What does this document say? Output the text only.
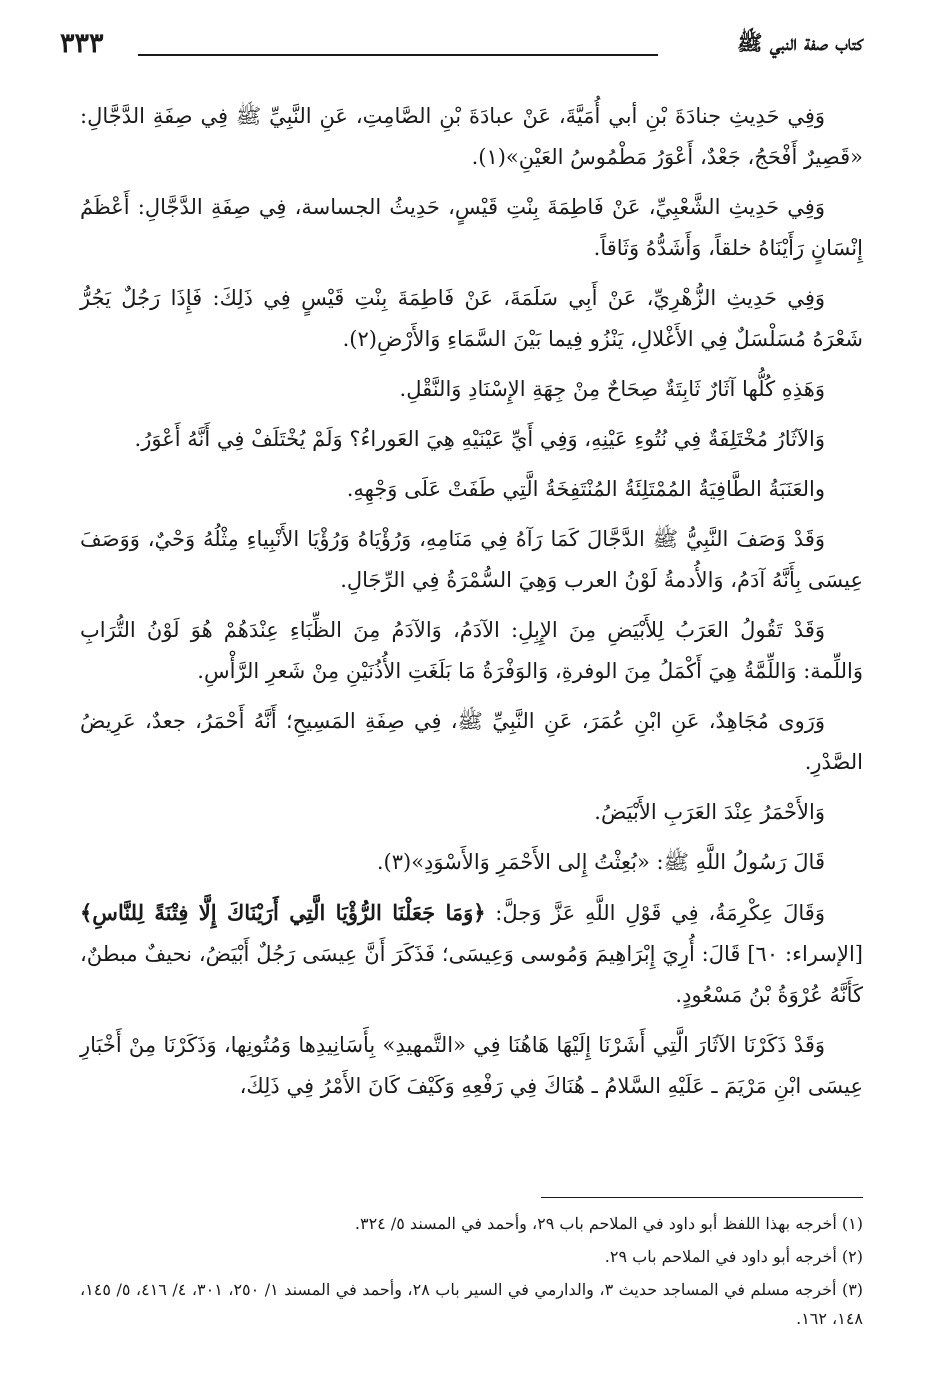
كتاب صفة النبي ﷺ
٣٣٣

وَفِي حَدِيثِ جنادَةَ بْنِ أبي أُمَيَّةَ، عَنْ عبادَةَ بْنِ الصَّامِتِ، عَنِ النَّبِيِّ ﷺ فِي صِفَةِ الدَّجَّالِ: «قَصِيرٌ أَفْحَجُ، جَعْدٌ، أَعْوَرُ مَطْمُوسُ العَيْنِ»(١).

وَفِي حَدِيثِ الشَّعْبِيِّ، عَنْ فَاطِمَةَ بِنْتِ قَيْسٍ، حَدِيثُ الجساسة، فِي صِفَةِ الدَّجَّالِ: أَعْظَمُ إِنْسَانٍ رَأَيْنَاهُ خلقاً، وَأَشَدُّهُ وَثَاقاً.

وَفِي حَدِيثِ الزُّهْرِيِّ، عَنْ أَبِي سَلَمَةَ، عَنْ فَاطِمَةَ بِنْتِ قَيْسٍ فِي ذَلِكَ: فَإِذَا رَجُلٌ يَجُرُّ شَعْرَهُ مُسَلْسَلٌ فِي الأَغْلالِ، يَنْزُو فِيما بَيْنَ السَّمَاءِ وَالأَرْضِ(٢).

وَهَذِهِ كُلُّها آثَارٌ ثَابِتَةٌ صِحَاحٌ مِنْ جِهَةِ الإِسْنَادِ وَالنَّقْلِ.

وَالآثَارُ مُخْتَلِفَةٌ فِي نُتُوءِ عَيْنِهِ، وَفِي أَيِّ عَيْنَيْهِ هِيَ العَوراءُ؟ وَلَمْ يُخْتَلَفْ فِي أَنَّهُ أَعْوَرُ.

والعَنَبَةُ الطَّافِيَةُ المُمْتَلِئَةُ المُنْتَفِخَةُ الَّتِي طَفَتْ عَلَى وَجْهِهِ.

وَقَدْ وَصَفَ النَّبِيُّ ﷺ الدَّجَّالَ كَمَا رَآهُ فِي مَنَامِهِ، وَرُؤْيَاهُ وَرُؤْيَا الأَنْبِياءِ مِثْلُهُ وَحْيٌ، وَوَصَفَ عِيسَى بِأَنَّهُ آدَمُ، وَالأُدمةُ لَوْنُ العرب وَهِيَ السُّمْرَةُ فِي الرِّجَالِ.

وَقَدْ تَقُولُ العَرَبُ لِلأَبْيَضِ مِنَ الإِبِلِ: الآدَمُ، وَالآدَمُ مِنَ الظِّبَاءِ عِنْدَهُمْ هُوَ لَوْنُ التُّرَابِ وَاللِّمة: وَاللِّمَّةُ هِيَ أَكْمَلُ مِنَ الوفرةِ، وَالوَفْرَةُ مَا بَلَغَتِ الأُذُنَيْنِ مِنْ شَعرِ الرَّأْسِ.

وَرَوى مُجَاهِدٌ، عَنِ ابْنِ عُمَرَ، عَنِ النَّبِيِّ ﷺ، فِي صِفَةِ المَسِيحِ؛ أَنَّهُ أَحْمَرُ، جعدٌ، عَرِيضُ الصَّدْرِ.

وَالأَحْمَرُ عِنْدَ العَرَبِ الأَبْيَضُ.

قَالَ رَسُولُ اللَّهِ ﷺ: «بُعِثْتُ إِلى الأَحْمَرِ وَالأَسْوَدِ»(٣).

وَقَالَ عِكْرِمَةُ، فِي قَوْلِ اللَّهِ عَزَّ وَجلَّ: ﴿وَمَا جَعَلْنَا الرُّؤْيَا الَّتِي أَرَيْنَاكَ إِلَّا فِتْنَةً لِلنَّاسِ﴾ [الإسراء: ٦٠] قَالَ: أُرِيَ إِبْرَاهِيمَ وَمُوسى وَعِيسَى؛ فَذَكَرَ أَنَّ عِيسَى رَجُلٌ أَبْيَضُ، نحيفٌ مبطنٌ، كَأَنَّهُ عُرْوَةُ بْنُ مَسْعُودٍ.

وَقَدْ ذَكَرْنَا الآثَارَ الَّتِي أَشَرْنَا إِلَيْهَا هَاهُنَا فِي «التَّمهيدِ» بِأَسَانِيدِها وَمُتُونِها، وَذَكَرْنَا مِنْ أَخْبَارِ عِيسَى ابْنِ مَرْيَمَ ـ عَلَيْهِ السَّلامُ ـ هُنَاكَ فِي رَفْعِهِ وَكَيْفَ كَانَ الأَمْرُ فِي ذَلِكَ،

(١) أخرجه بهذا اللفظ أبو داود في الملاحم باب ٢٩، وأحمد في المسند ٥/ ٣٢٤.

(٢) أخرجه أبو داود في الملاحم باب ٢٩.

(٣) أخرجه مسلم في المساجد حديث ٣، والدارمي في السير باب ٢٨، وأحمد في المسند ١/ ٢٥٠، ٣٠١، ٤/ ٤١٦، ٥/ ١٤٥، ١٤٨، ١٦٢.
